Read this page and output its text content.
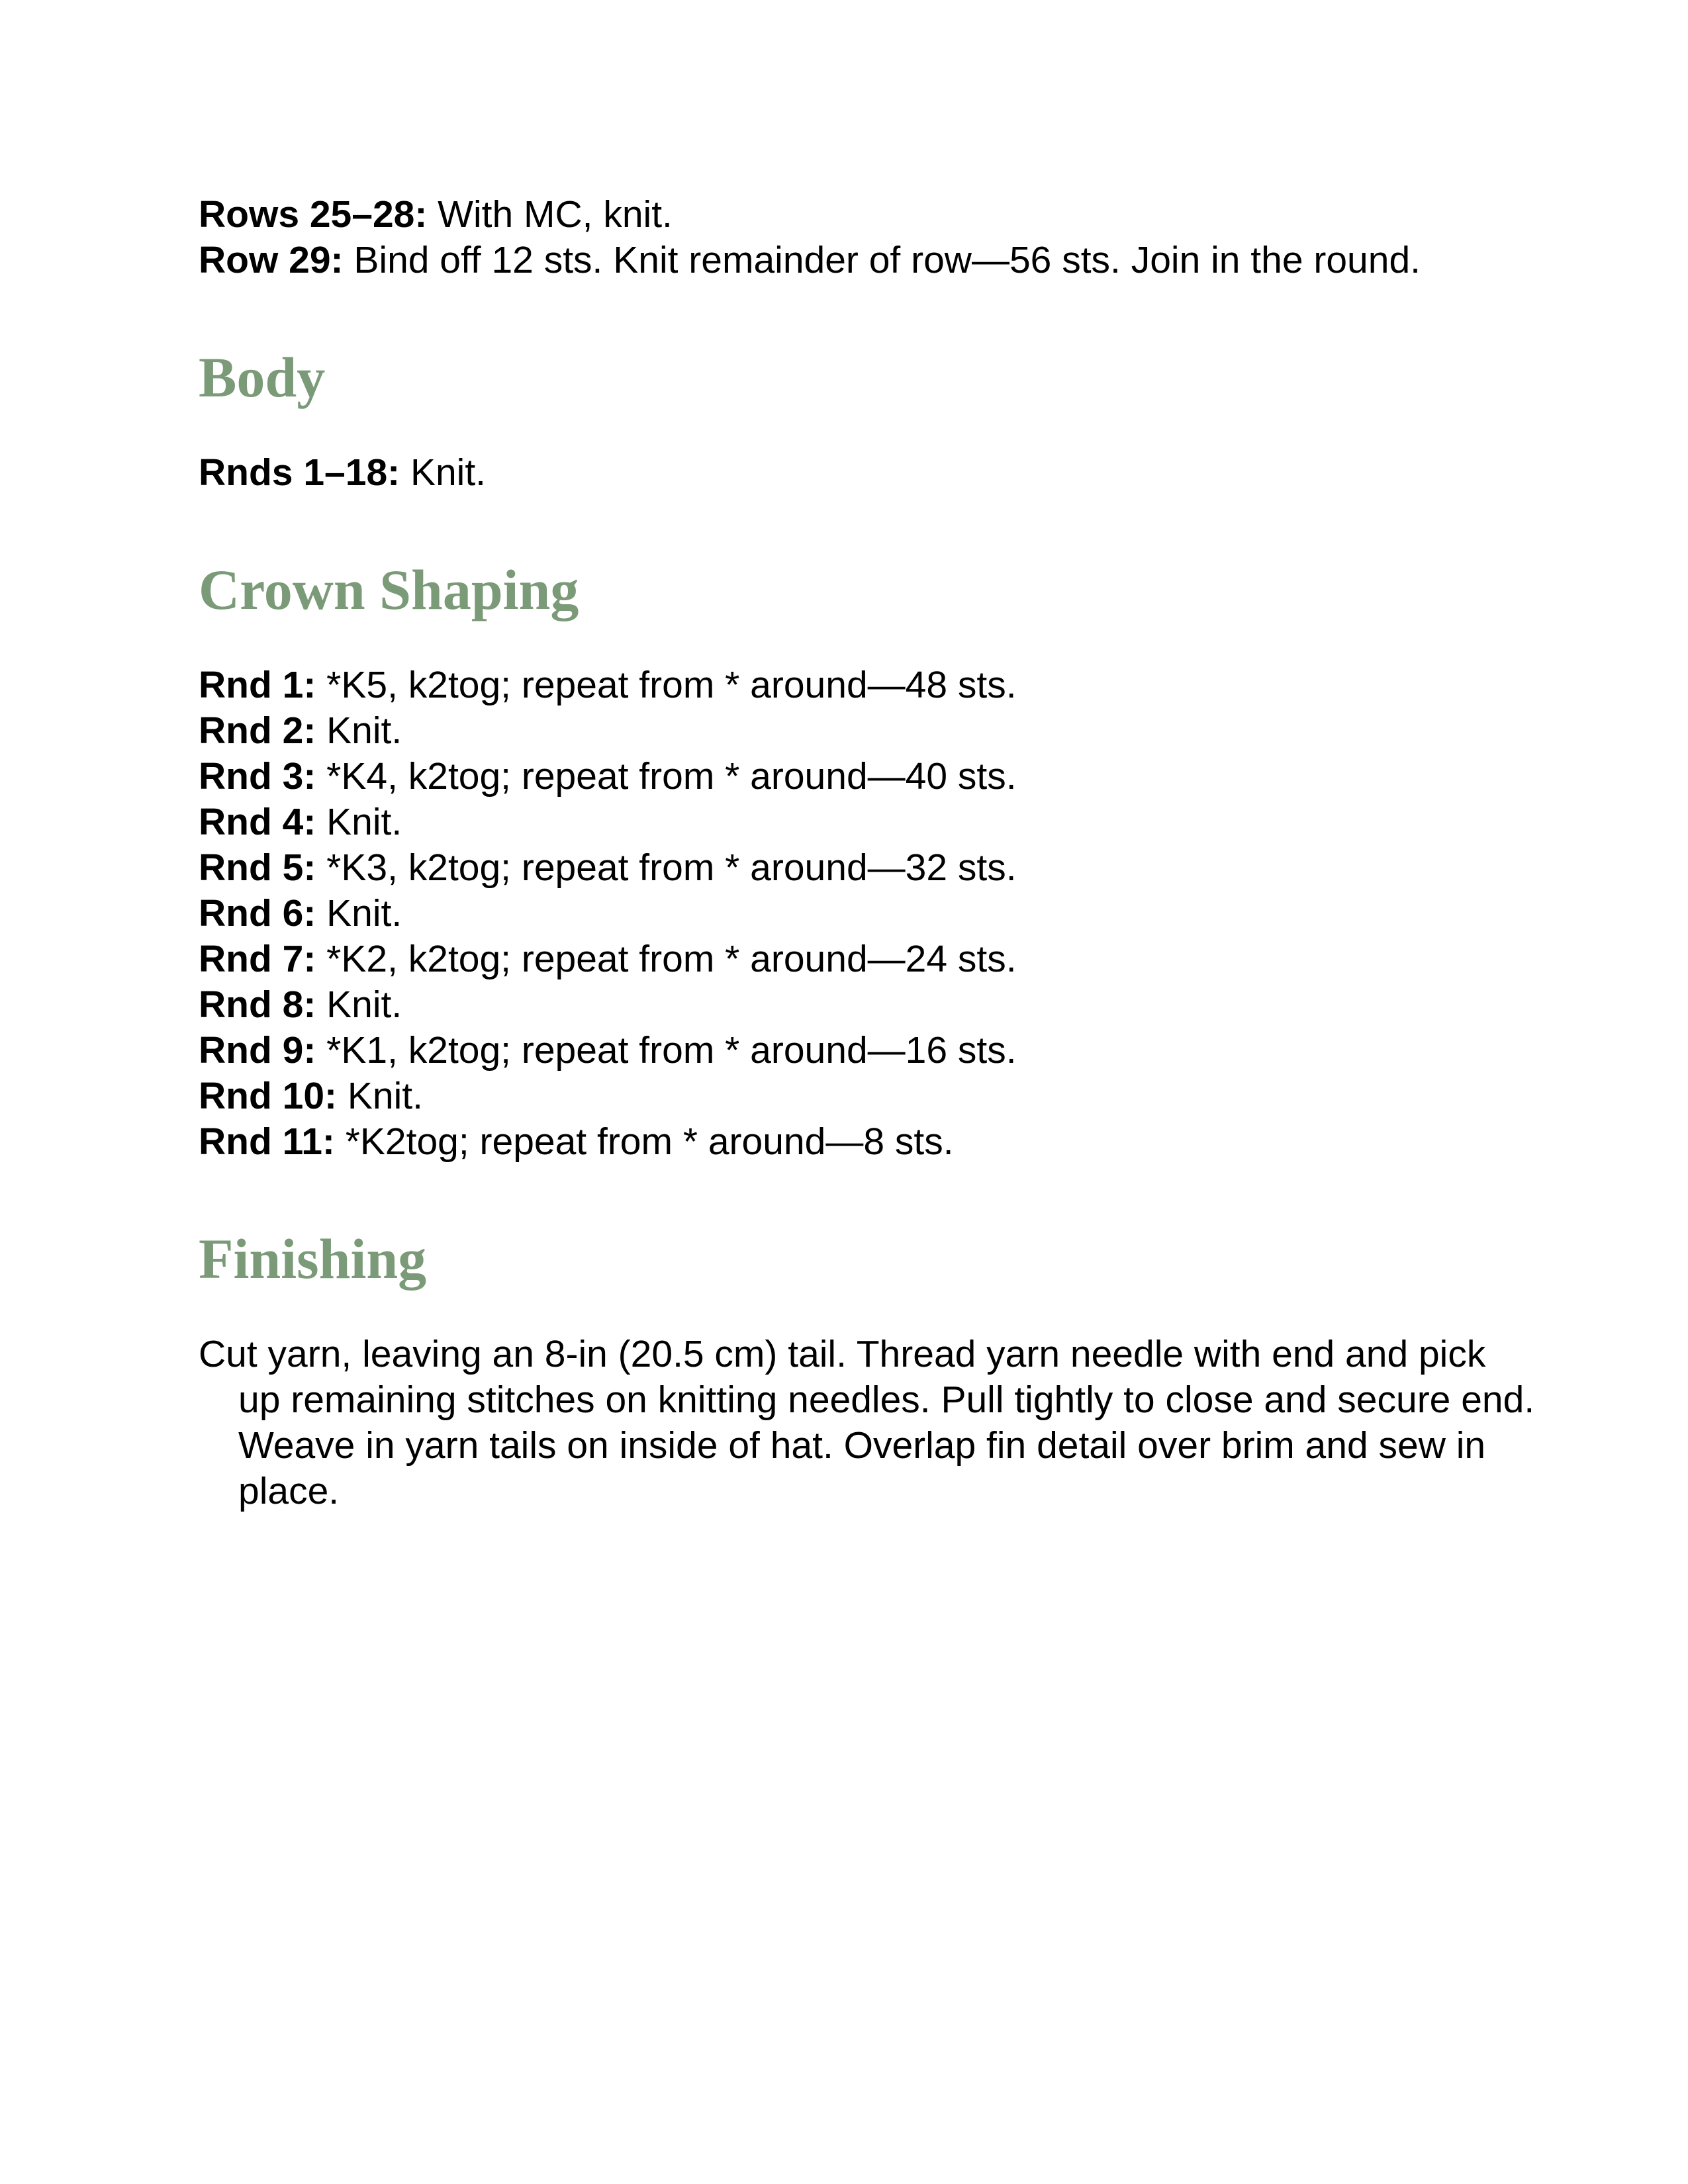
Rows 25–28: With MC, knit.

Row 29: Bind off 12 sts. Knit remainder of row—56 sts. Join in the round.

Body

Rnds 1–18: Knit.

Crown Shaping

Rnd 1: *K5, k2tog; repeat from * around—48 sts.

Rnd 2: Knit.

Rnd 3: *K4, k2tog; repeat from * around—40 sts.

Rnd 4: Knit.

Rnd 5: *K3, k2tog; repeat from * around—32 sts.

Rnd 6: Knit.

Rnd 7: *K2, k2tog; repeat from * around—24 sts.

Rnd 8: Knit.

Rnd 9: *K1, k2tog; repeat from * around—16 sts.

Rnd 10: Knit.

Rnd 11: *K2tog; repeat from * around—8 sts.

Finishing

Cut yarn, leaving an 8-in (20.5 cm) tail. Thread yarn needle with end and pick up remaining stitches on knitting needles. Pull tightly to close and secure end. Weave in yarn tails on inside of hat. Overlap fin detail over brim and sew in place.
